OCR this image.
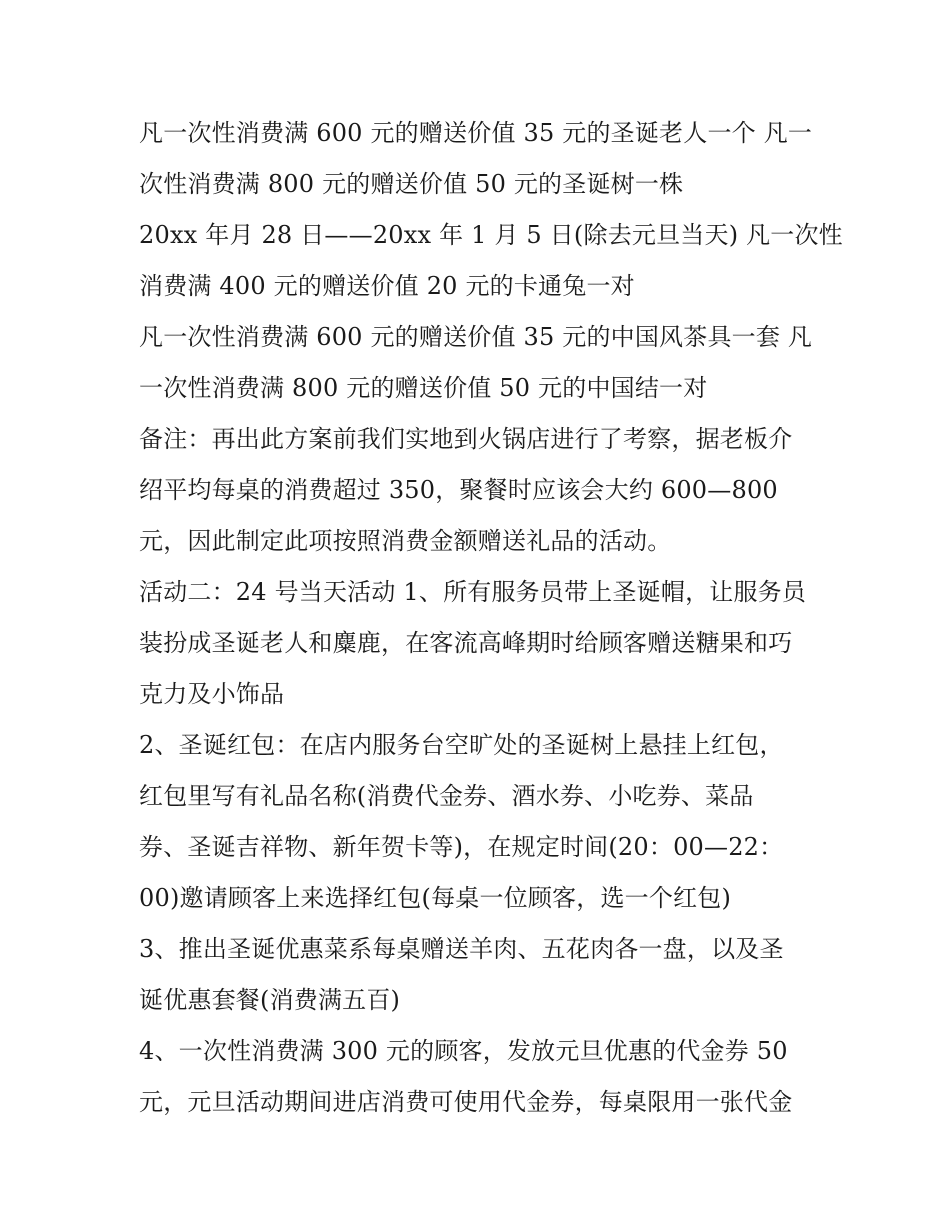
凡一次性消费满 600 元的赠送价值 35 元的圣诞老人一个 凡一
次性消费满 800 元的赠送价值 50 元的圣诞树一株
20xx 年月 28 日——20xx 年 1 月 5 日(除去元旦当天) 凡一次性
消费满 400 元的赠送价值 20 元的卡通兔一对
凡一次性消费满 600 元的赠送价值 35 元的中国风茶具一套 凡
一次性消费满 800 元的赠送价值 50 元的中国结一对
备注：再出此方案前我们实地到火锅店进行了考察，据老板介
绍平均每桌的消费超过 350，聚餐时应该会大约 600—800
元，因此制定此项按照消费金额赠送礼品的活动。
活动二：24 号当天活动 1、所有服务员带上圣诞帽，让服务员
装扮成圣诞老人和麋鹿，在客流高峰期时给顾客赠送糖果和巧
克力及小饰品
2、圣诞红包：在店内服务台空旷处的圣诞树上悬挂上红包，
红包里写有礼品名称(消费代金券、酒水券、小吃券、菜品
券、圣诞吉祥物、新年贺卡等)，在规定时间(20：00—22：
00)邀请顾客上来选择红包(每桌一位顾客，选一个红包)
3、推出圣诞优惠菜系每桌赠送羊肉、五花肉各一盘，以及圣
诞优惠套餐(消费满五百)
4、一次性消费满 300 元的顾客，发放元旦优惠的代金券 50
元，元旦活动期间进店消费可使用代金券，每桌限用一张代金
